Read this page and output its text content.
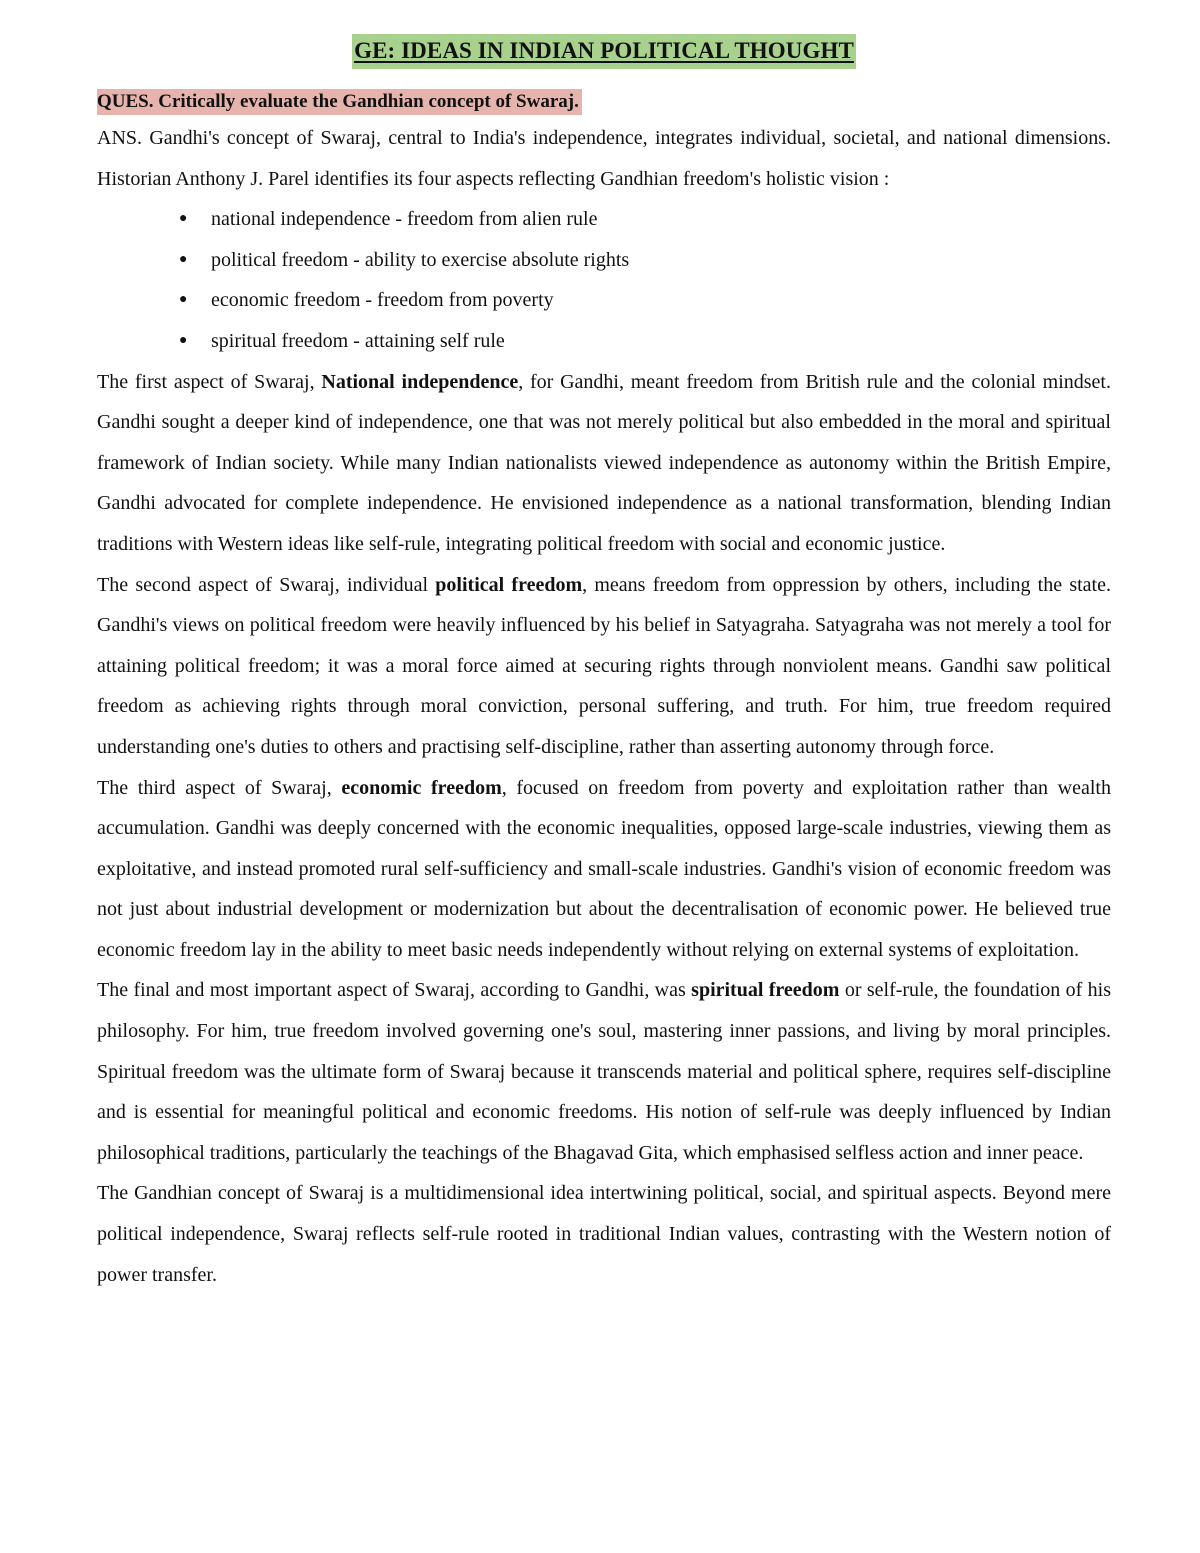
GE: IDEAS IN INDIAN POLITICAL THOUGHT
QUES. Critically evaluate the Gandhian concept of Swaraj.

ANS. Gandhi's concept of Swaraj, central to India's independence, integrates individual, societal, and national dimensions. Historian Anthony J. Parel identifies its four aspects reflecting Gandhian freedom's holistic vision :

● national independence - freedom from alien rule
● political freedom - ability to exercise absolute rights
● economic freedom - freedom from poverty
● spiritual freedom - attaining self rule

The first aspect of Swaraj, National independence, for Gandhi, meant freedom from British rule and the colonial mindset. Gandhi sought a deeper kind of independence, one that was not merely political but also embedded in the moral and spiritual framework of Indian society. While many Indian nationalists viewed independence as autonomy within the British Empire, Gandhi advocated for complete independence. He envisioned independence as a national transformation, blending Indian traditions with Western ideas like self-rule, integrating political freedom with social and economic justice.

The second aspect of Swaraj, individual political freedom, means freedom from oppression by others, including the state. Gandhi's views on political freedom were heavily influenced by his belief in Satyagraha. Satyagraha was not merely a tool for attaining political freedom; it was a moral force aimed at securing rights through nonviolent means. Gandhi saw political freedom as achieving rights through moral conviction, personal suffering, and truth. For him, true freedom required understanding one's duties to others and practising self-discipline, rather than asserting autonomy through force.

The third aspect of Swaraj, economic freedom, focused on freedom from poverty and exploitation rather than wealth accumulation. Gandhi was deeply concerned with the economic inequalities, opposed large-scale industries, viewing them as exploitative, and instead promoted rural self-sufficiency and small-scale industries. Gandhi's vision of economic freedom was not just about industrial development or modernization but about the decentralisation of economic power. He believed true economic freedom lay in the ability to meet basic needs independently without relying on external systems of exploitation.

The final and most important aspect of Swaraj, according to Gandhi, was spiritual freedom or self-rule, the foundation of his philosophy. For him, true freedom involved governing one's soul, mastering inner passions, and living by moral principles. Spiritual freedom was the ultimate form of Swaraj because it transcends material and political sphere, requires self-discipline and is essential for meaningful political and economic freedoms. His notion of self-rule was deeply influenced by Indian philosophical traditions, particularly the teachings of the Bhagavad Gita, which emphasised selfless action and inner peace.

The Gandhian concept of Swaraj is a multidimensional idea intertwining political, social, and spiritual aspects. Beyond mere political independence, Swaraj reflects self-rule rooted in traditional Indian values, contrasting with the Western notion of power transfer.
